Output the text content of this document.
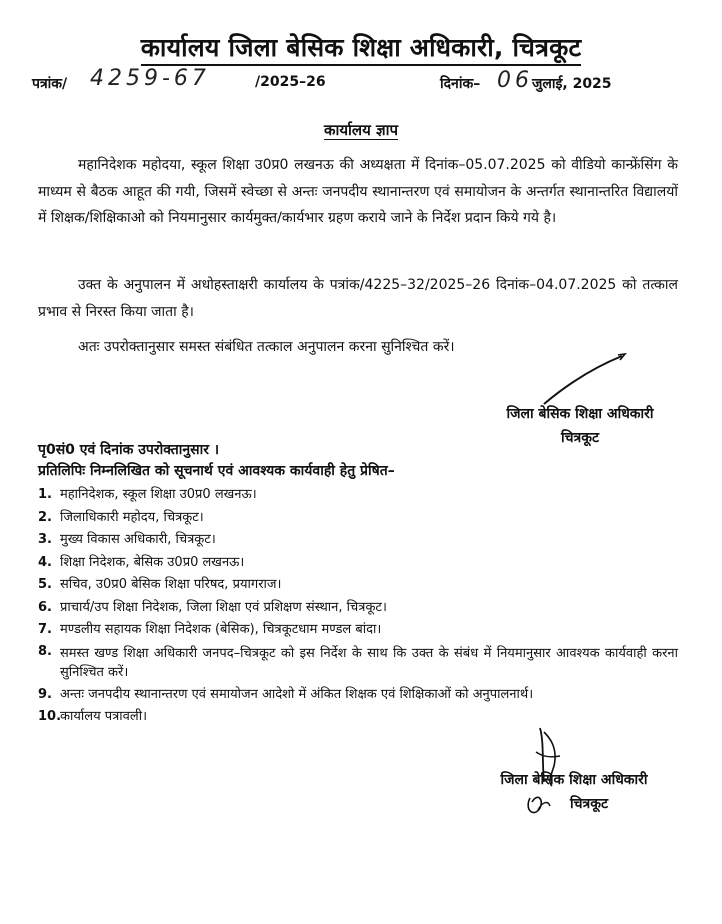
कार्यालय जिला बेसिक शिक्षा अधिकारी, चित्रकूट
पत्रांक/ 4259-67	/2025–26	दिनांक– 06 जुलाई, 2025
कार्यालय ज्ञाप
महानिदेशक महोदया, स्कूल शिक्षा उ0प्र0 लखनऊ की अध्यक्षता में दिनांक–05.07.2025 को वीडियो कान्फ्रेंसिंग के माध्यम से बैठक आहूत की गयी, जिसमें स्वेच्छा से अन्तः जनपदीय स्थानान्तरण एवं समायोजन के अन्तर्गत स्थानान्तरित विद्यालयों में शिक्षक/शिक्षिकाओ को नियमानुसार कार्यमुक्त/कार्यभार ग्रहण कराये जाने के निर्देश प्रदान किये गये है।
उक्त के अनुपालन में अधोहस्ताक्षरी कार्यालय के पत्रांक/4225–32/2025–26 दिनांक–04.07.2025 को तत्काल प्रभाव से निरस्त किया जाता है।
अतः उपरोक्तानुसार समस्त संबंधित तत्काल अनुपालन करना सुनिश्चित करें।
जिला बेसिक शिक्षा अधिकारी
चित्रकूट
पृ0सं0 एवं दिनांक उपरोक्तानुसार ।
प्रतिलिपिः निम्नलिखित को सूचनार्थ एवं आवश्यक कार्यवाही हेतु प्रेषित–
1. महानिदेशक, स्कूल शिक्षा उ0प्र0 लखनऊ।
2. जिलाधिकारी महोदय, चित्रकूट।
3. मुख्य विकास अधिकारी, चित्रकूट।
4. शिक्षा निदेशक, बेसिक उ0प्र0 लखनऊ।
5. सचिव, उ0प्र0 बेसिक शिक्षा परिषद, प्रयागराज।
6. प्राचार्य/उप शिक्षा निदेशक, जिला शिक्षा एवं प्रशिक्षण संस्थान, चित्रकूट।
7. मण्डलीय सहायक शिक्षा निदेशक (बेसिक), चित्रकूटधाम मण्डल बांदा।
8. समस्त खण्ड शिक्षा अधिकारी जनपद–चित्रकूट को इस निर्देश के साथ कि उक्त के संबंध में नियमानुसार आवश्यक कार्यवाही करना सुनिश्चित करें।
9. अन्तः जनपदीय स्थानान्तरण एवं समायोजन आदेशो में अंकित शिक्षक एवं शिक्षिकाओं को अनुपालनार्थ।
10.
कार्यालय पत्रावली।
जिला बेसिक शिक्षा अधिकारी
चित्रकूट
